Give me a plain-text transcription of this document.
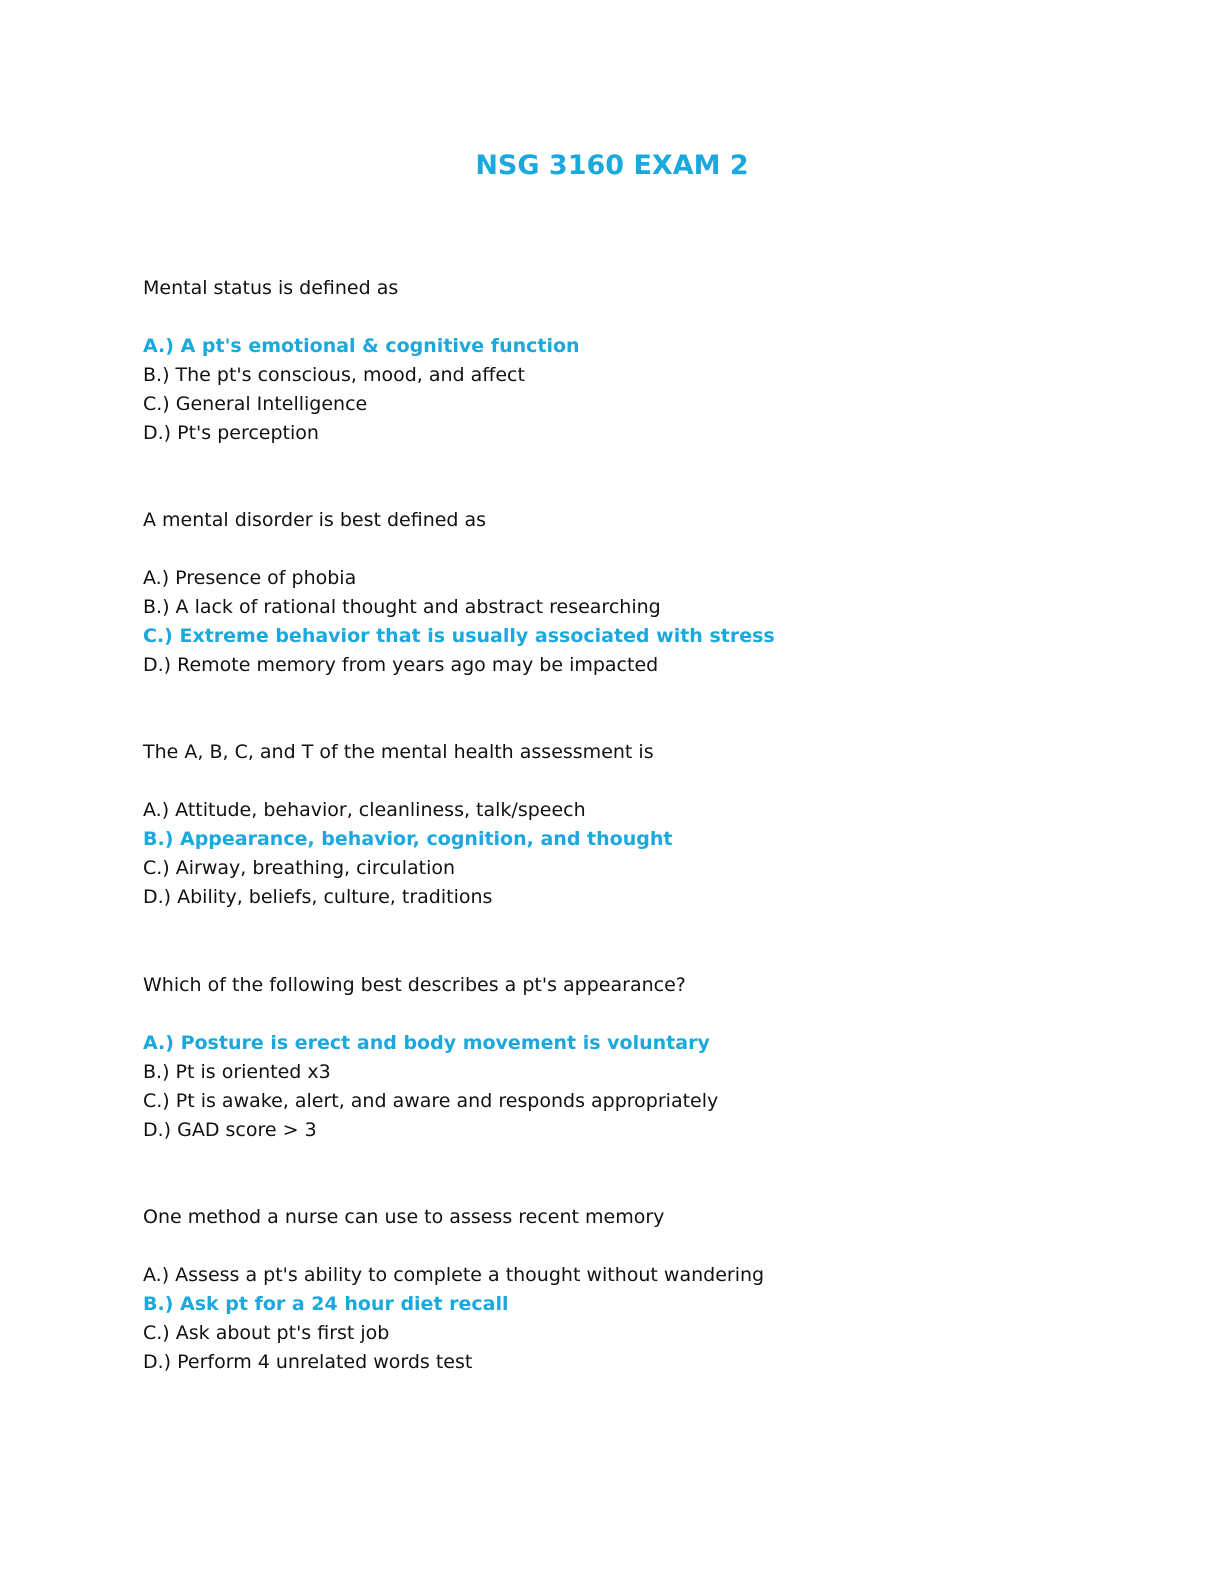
NSG 3160 EXAM 2

Mental status is defined as

A.) A pt's emotional & cognitive function
B.) The pt's conscious, mood, and affect
C.) General Intelligence
D.) Pt's perception

A mental disorder is best defined as

A.) Presence of phobia
B.) A lack of rational thought and abstract researching
C.) Extreme behavior that is usually associated with stress
D.) Remote memory from years ago may be impacted

The A, B, C, and T of the mental health assessment is

A.) Attitude, behavior, cleanliness, talk/speech
B.) Appearance, behavior, cognition, and thought
C.) Airway, breathing, circulation
D.) Ability, beliefs, culture, traditions

Which of the following best describes a pt's appearance?

A.) Posture is erect and body movement is voluntary
B.) Pt is oriented x3
C.) Pt is awake, alert, and aware and responds appropriately
D.) GAD score > 3

One method a nurse can use to assess recent memory

A.) Assess a pt's ability to complete a thought without wandering
B.) Ask pt for a 24 hour diet recall
C.) Ask about pt's first job
D.) Perform 4 unrelated words test
